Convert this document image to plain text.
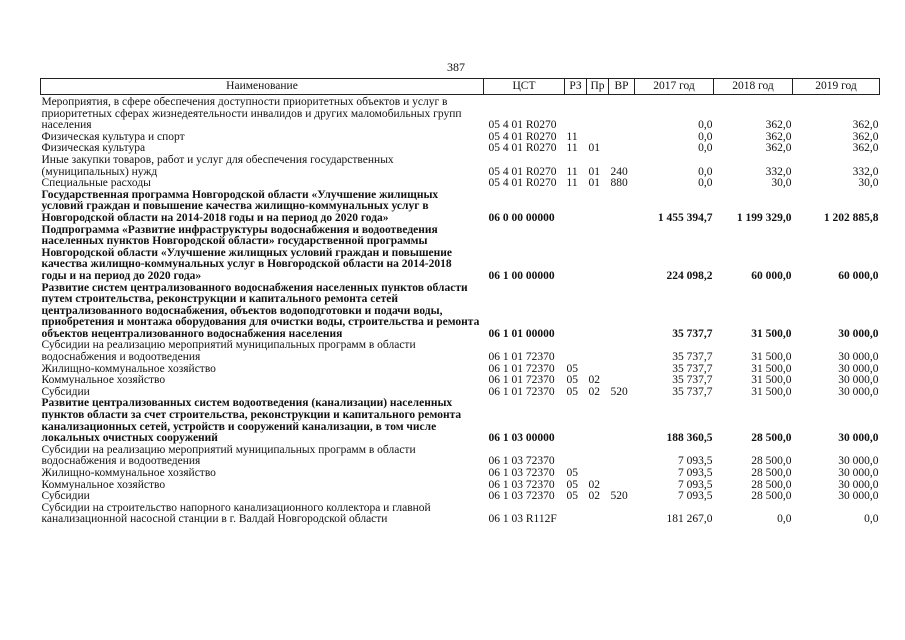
387
Наименование	ЦСТ	РЗ	Пр	ВР	2017 год	2018 год	2019 год
Мероприятия, в сфере обеспечения доступности приоритетных объектов и услуг в приоритетных сферах жизнедеятельности инвалидов и других маломобильных групп населения	05 4 01 R0270				0,0	362,0	362,0
Физическая культура и спорт	05 4 01 R0270	11			0,0	362,0	362,0
Физическая культура	05 4 01 R0270	11	01		0,0	362,0	362,0
Иные закупки товаров, работ и услуг для обеспечения государственных (муниципальных) нужд	05 4 01 R0270	11	01	240	0,0	332,0	332,0
Специальные расходы	05 4 01 R0270	11	01	880	0,0	30,0	30,0
Государственная программа Новгородской области «Улучшение жилищных условий граждан и повышение качества жилищно-коммунальных услуг в Новгородской области на 2014-2018 годы и на период до 2020 года»	06 0 00 00000				1 455 394,7	1 199 329,0	1 202 885,8
Подпрограмма «Развитие инфраструктуры водоснабжения и водоотведения населенных пунктов Новгородской области» государственной программы Новгородской области «Улучшение жилищных условий граждан и повышение качества жилищно-коммунальных услуг в Новгородской области на 2014-2018 годы и на период до 2020 года»	06 1 00 00000				224 098,2	60 000,0	60 000,0
Развитие систем централизованного водоснабжения населенных пунктов области путем строительства, реконструкции и капитального ремонта сетей централизованного водоснабжения, объектов водоподготовки и подачи воды, приобретения и монтажа оборудования для очистки воды, строительства и ремонта объектов нецентрализованного водоснабжения населения	06 1 01 00000				35 737,7	31 500,0	30 000,0
Субсидии на реализацию мероприятий муниципальных программ в области водоснабжения и водоотведения	06 1 01 72370				35 737,7	31 500,0	30 000,0
Жилищно-коммунальное хозяйство	06 1 01 72370	05			35 737,7	31 500,0	30 000,0
Коммунальное хозяйство	06 1 01 72370	05	02		35 737,7	31 500,0	30 000,0
Субсидии	06 1 01 72370	05	02	520	35 737,7	31 500,0	30 000,0
Развитие централизованных систем водоотведения (канализации) населенных пунктов области за счет строительства, реконструкции и капитального ремонта канализационных сетей, устройств и сооружений канализации, в том числе локальных очистных сооружений	06 1 03 00000				188 360,5	28 500,0	30 000,0
Субсидии на реализацию мероприятий муниципальных программ в области водоснабжения и водоотведения	06 1 03 72370				7 093,5	28 500,0	30 000,0
Жилищно-коммунальное хозяйство	06 1 03 72370	05			7 093,5	28 500,0	30 000,0
Коммунальное хозяйство	06 1 03 72370	05	02		7 093,5	28 500,0	30 000,0
Субсидии	06 1 03 72370	05	02	520	7 093,5	28 500,0	30 000,0
Субсидии на строительство напорного канализационного коллектора и главной канализационной насосной станции в г. Валдай Новгородской области	06 1 03 R112F				181 267,0	0,0	0,0
